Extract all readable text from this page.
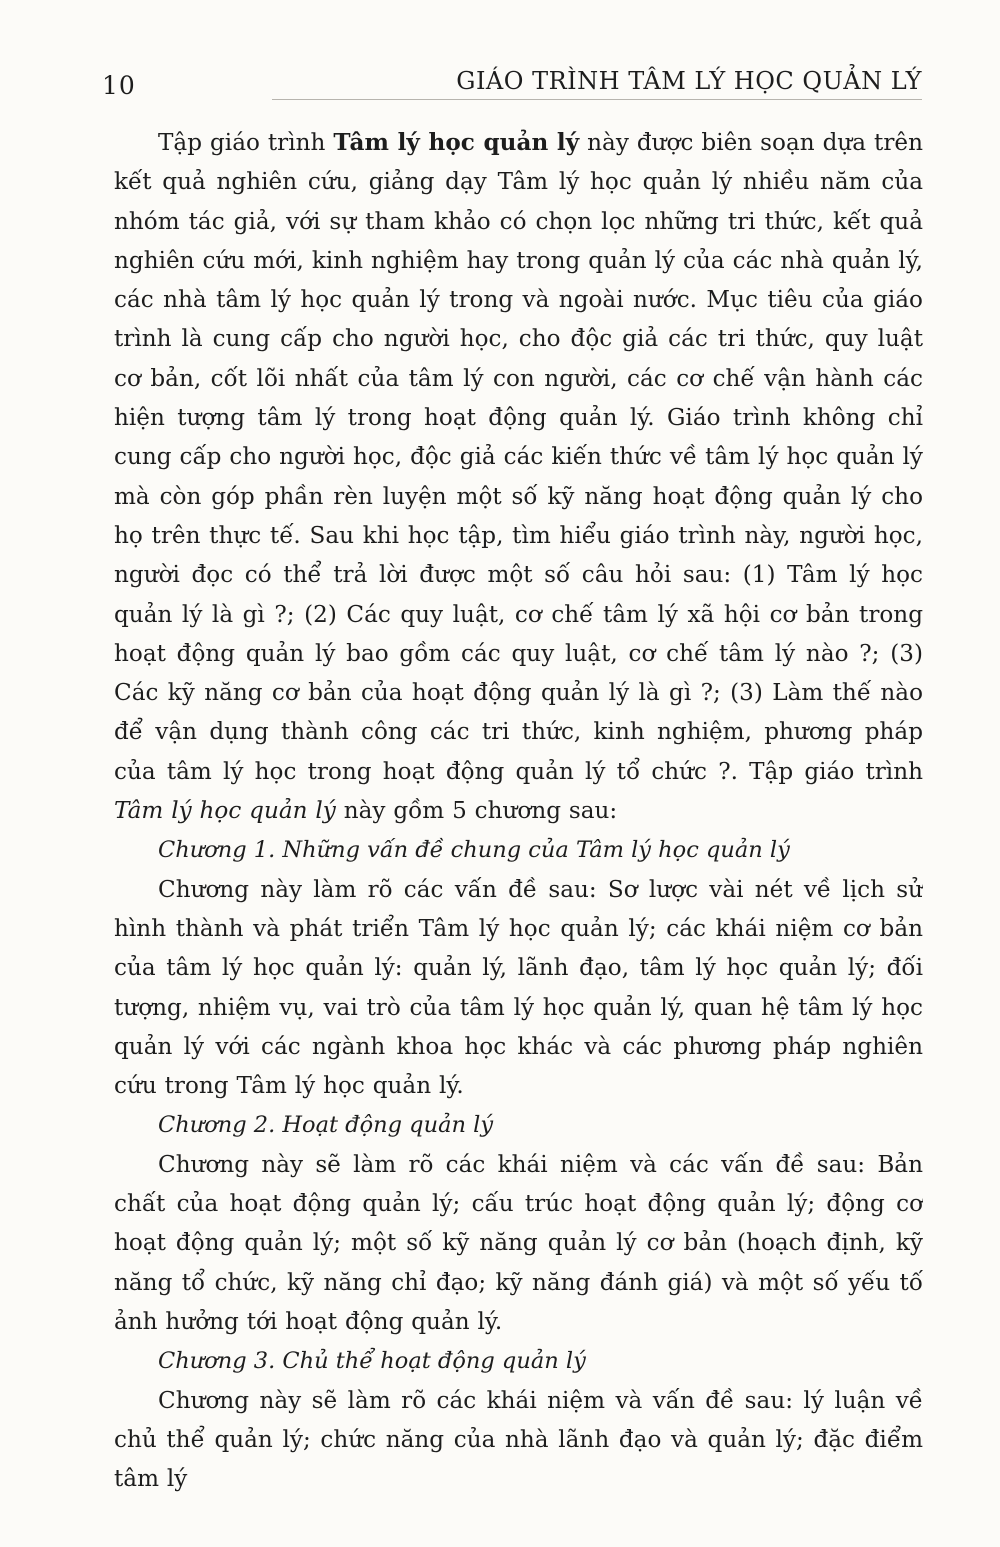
10	GIÁO TRÌNH TÂM LÝ HỌC QUẢN LÝ

Tập giáo trình Tâm lý học quản lý này được biên soạn dựa trên kết quả nghiên cứu, giảng dạy Tâm lý học quản lý nhiều năm của nhóm tác giả, với sự tham khảo có chọn lọc những tri thức, kết quả nghiên cứu mới, kinh nghiệm hay trong quản lý của các nhà quản lý, các nhà tâm lý học quản lý trong và ngoài nước. Mục tiêu của giáo trình là cung cấp cho người học, cho độc giả các tri thức, quy luật cơ bản, cốt lõi nhất của tâm lý con người, các cơ chế vận hành các hiện tượng tâm lý trong hoạt động quản lý. Giáo trình không chỉ cung cấp cho người học, độc giả các kiến thức về tâm lý học quản lý mà còn góp phần rèn luyện một số kỹ năng hoạt động quản lý cho họ trên thực tế. Sau khi học tập, tìm hiểu giáo trình này, người học, người đọc có thể trả lời được một số câu hỏi sau: (1) Tâm lý học quản lý là gì ?; (2) Các quy luật, cơ chế tâm lý xã hội cơ bản trong hoạt động quản lý bao gồm các quy luật, cơ chế tâm lý nào ?; (3) Các kỹ năng cơ bản của hoạt động quản lý là gì ?; (3) Làm thế nào để vận dụng thành công các tri thức, kinh nghiệm, phương pháp của tâm lý học trong hoạt động quản lý tổ chức ?. Tập giáo trình Tâm lý học quản lý này gồm 5 chương sau:

Chương 1. Những vấn đề chung của Tâm lý học quản lý

Chương này làm rõ các vấn đề sau: Sơ lược vài nét về lịch sử hình thành và phát triển Tâm lý học quản lý; các khái niệm cơ bản của tâm lý học quản lý: quản lý, lãnh đạo, tâm lý học quản lý; đối tượng, nhiệm vụ, vai trò của tâm lý học quản lý, quan hệ tâm lý học quản lý với các ngành khoa học khác và các phương pháp nghiên cứu trong Tâm lý học quản lý.

Chương 2. Hoạt động quản lý

Chương này sẽ làm rõ các khái niệm và các vấn đề sau: Bản chất của hoạt động quản lý; cấu trúc hoạt động quản lý; động cơ hoạt động quản lý; một số kỹ năng quản lý cơ bản (hoạch định, kỹ năng tổ chức, kỹ năng chỉ đạo; kỹ năng đánh giá) và một số yếu tố ảnh hưởng tới hoạt động quản lý.

Chương 3. Chủ thể hoạt động quản lý

Chương này sẽ làm rõ các khái niệm và vấn đề sau: lý luận về chủ thể quản lý; chức năng của nhà lãnh đạo và quản lý; đặc điểm tâm lý
